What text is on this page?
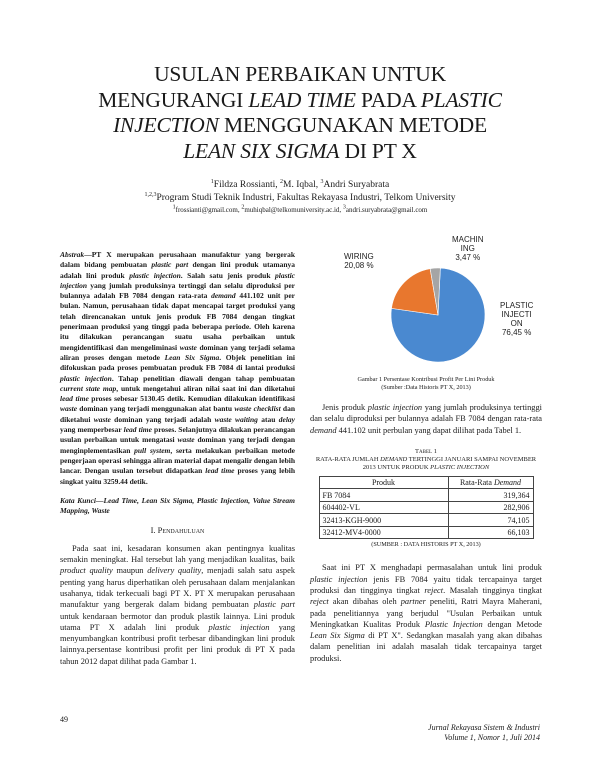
USULAN PERBAIKAN UNTUK
MENGURANGI LEAD TIME PADA PLASTIC
INJECTION MENGGUNAKAN METODE
LEAN SIX SIGMA DI PT X
$^1$Fildza Rossianti, $^2$M. Iqbal, $^3$Andri Suryabrata
$^{1,2,3}$Program Studi Teknik Industri, Fakultas Rekayasa Industri, Telkom University
$^1$frossianti@gmail.com, $^2$muhiqbal@telkomuniversity.ac.id, $^3$andri.suryabrata@gmail.com

Abstrak—PT X merupakan perusahaan manufaktur yang bergerak dalam bidang pembuatan plastic part dengan lini produk utamanya adalah lini produk plastic injection. Salah satu jenis produk plastic injection yang jumlah produksinya tertinggi dan selalu diproduksi per bulannya adalah FB 7084 dengan rata-rata demand 441.102 unit per bulan. Namun, perusahaan tidak dapat mencapai target produksi yang telah direncanakan untuk jenis produk FB 7084 dengan tingkat penerimaan produksi yang tinggi pada beberapa periode. Oleh karena itu dilakukan perancangan suatu usaha perbaikan untuk mengidentifikasi dan mengeliminasi waste dominan yang terjadi selama aliran proses dengan metode Lean Six Sigma. Objek penelitian ini difokuskan pada proses pembuatan produk FB 7084 di lantai produksi plastic injection. Tahap penelitian diawali dengan tahap pembuatan current state map, untuk mengetahui aliran nilai saat ini dan diketahui lead time proses sebesar 5130.45 detik. Kemudian dilakukan identifikasi waste dominan yang terjadi menggunakan alat bantu waste checklist dan diketahui waste dominan yang terjadi adalah waste waiting atau delay yang memperbesar lead time proses. Selanjutnya dilakukan perancangan usulan perbaikan untuk mengatasi waste dominan yang terjadi dengan menginplementasikan pull system, serta melakukan perbaikan metode pengerjaan operasi sehingga aliran material dapat mengalir dengan lebih lancar. Dengan usulan tersebut didapatkan lead time proses yang lebih singkat yaitu 3259.44 detik.

Kata Kunci—Lead Time, Lean Six Sigma, Plastic Injection, Value Stream Mapping, Waste

I. Pendahuluan

Pada saat ini, kesadaran konsumen akan pentingnya kualitas semakin meningkat. Hal tersebut lah yang menjadikan kualitas, baik product quality maupun delivery quality, menjadi salah satu aspek penting yang harus diperhatikan oleh perusahaan dalam menjalankan usahanya, tidak terkecuali bagi PT X. PT X merupakan perusahaan manufaktur yang bergerak dalam bidang pembuatan plastic part untuk kendaraan bermotor dan produk plastik lainnya. Lini produk utama PT X adalah lini produk plastic injection yang menyumbangkan kontribusi profit terbesar dibandingkan lini produk lainnya.persentase kontribusi profit per lini produk di PT X pada tahun 2012 dapat dilihat pada Gambar 1.

WIRING
20,08 %
MACHIN
ING
3,47 %
PLASTIC
INJECTI
ON
76,45 %
Gambar 1 Persentase Kontribusi Profit Per Lini Produk
(Sumber :Data Historis PT X, 2013)

Jenis produk plastic injection yang jumlah produksinya tertinggi dan selalu diproduksi per bulannya adalah FB 7084 dengan rata-rata demand 441.102 unit perbulan yang dapat dilihat pada Tabel 1.

Tabel 1
RATA-RATA JUMLAH DEMAND TERTINGGI JANUARI SAMPAI NOVEMBER 2013 UNTUK PRODUK PLASTIC INJECTION
Produk	Rata-Rata Demand
FB 7084	319,364
604402-VL	282,906
32413-KGH-9000	74,105
32412-MV4-0000	66,103
(SUMBER : DATA HISTORIS PT X, 2013)

Saat ini PT X menghadapi permasalahan untuk lini produk plastic injection jenis FB 7084 yaitu tidak tercapainya target produksi dan tingginya tingkat reject. Masalah tingginya tingkat reject akan dibahas oleh partner peneliti, Ratri Mayra Maherani, pada penelitiannya yang berjudul "Usulan Perbaikan untuk Meningkatkan Kualitas Produk Plastic Injection dengan Metode Lean Six Sigma di PT X". Sedangkan masalah yang akan dibahas dalam penelitian ini adalah masalah tidak tercapainya target produksi.

49
Jurnal Rekayasa Sistem & Industri
Volume 1, Nomor 1, Juli 2014
